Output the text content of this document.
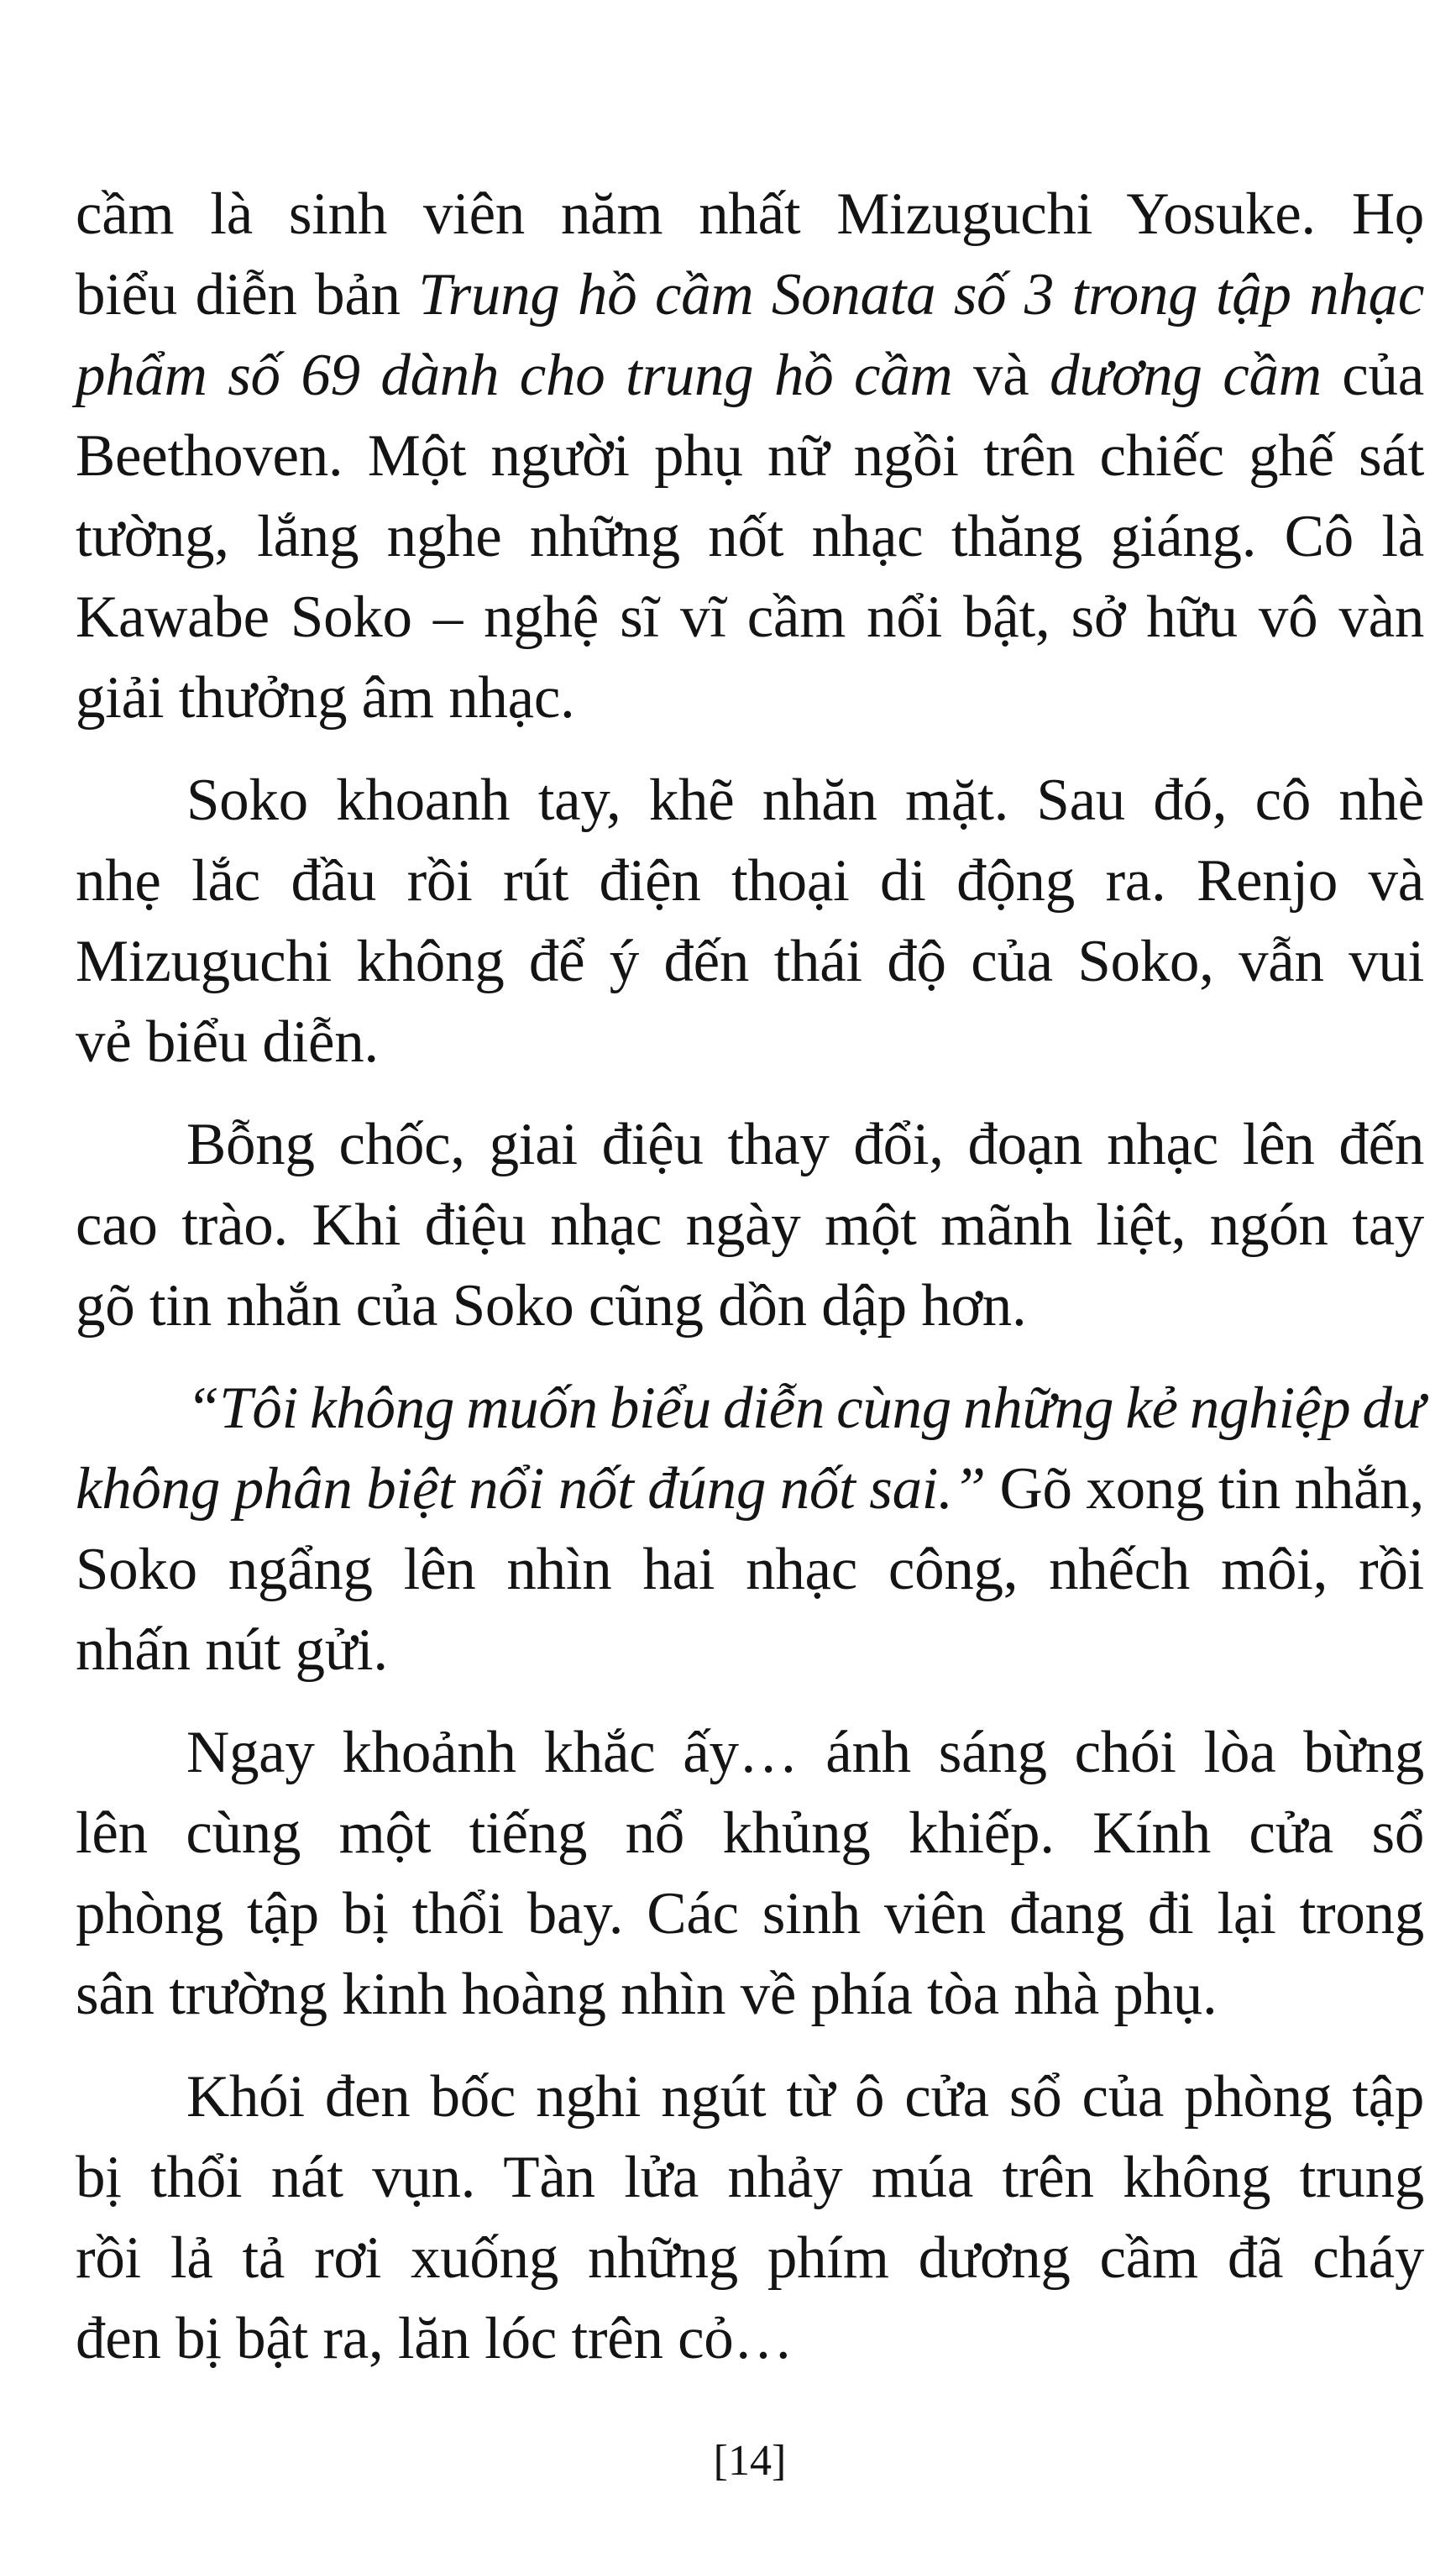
cầm là sinh viên năm nhất Mizuguchi Yosuke. Họ
biểu diễn bản Trung hồ cầm Sonata số 3 trong tập nhạc
phẩm số 69 dành cho trung hồ cầm và dương cầm của
Beethoven. Một người phụ nữ ngồi trên chiếc ghế sát
tường, lắng nghe những nốt nhạc thăng giáng. Cô là
Kawabe Soko – nghệ sĩ vĩ cầm nổi bật, sở hữu vô vàn
giải thưởng âm nhạc.
Soko khoanh tay, khẽ nhăn mặt. Sau đó, cô nhè
nhẹ lắc đầu rồi rút điện thoại di động ra. Renjo và
Mizuguchi không để ý đến thái độ của Soko, vẫn vui
vẻ biểu diễn.
Bỗng chốc, giai điệu thay đổi, đoạn nhạc lên đến
cao trào. Khi điệu nhạc ngày một mãnh liệt, ngón tay
gõ tin nhắn của Soko cũng dồn dập hơn.
“Tôi không muốn biểu diễn cùng những kẻ nghiệp dư
không phân biệt nổi nốt đúng nốt sai.” Gõ xong tin nhắn,
Soko ngẩng lên nhìn hai nhạc công, nhếch môi, rồi
nhấn nút gửi.
Ngay khoảnh khắc ấy… ánh sáng chói lòa bừng
lên cùng một tiếng nổ khủng khiếp. Kính cửa sổ
phòng tập bị thổi bay. Các sinh viên đang đi lại trong
sân trường kinh hoàng nhìn về phía tòa nhà phụ.
Khói đen bốc nghi ngút từ ô cửa sổ của phòng tập
bị thổi nát vụn. Tàn lửa nhảy múa trên không trung
rồi lả tả rơi xuống những phím dương cầm đã cháy
đen bị bật ra, lăn lóc trên cỏ…
[14]
